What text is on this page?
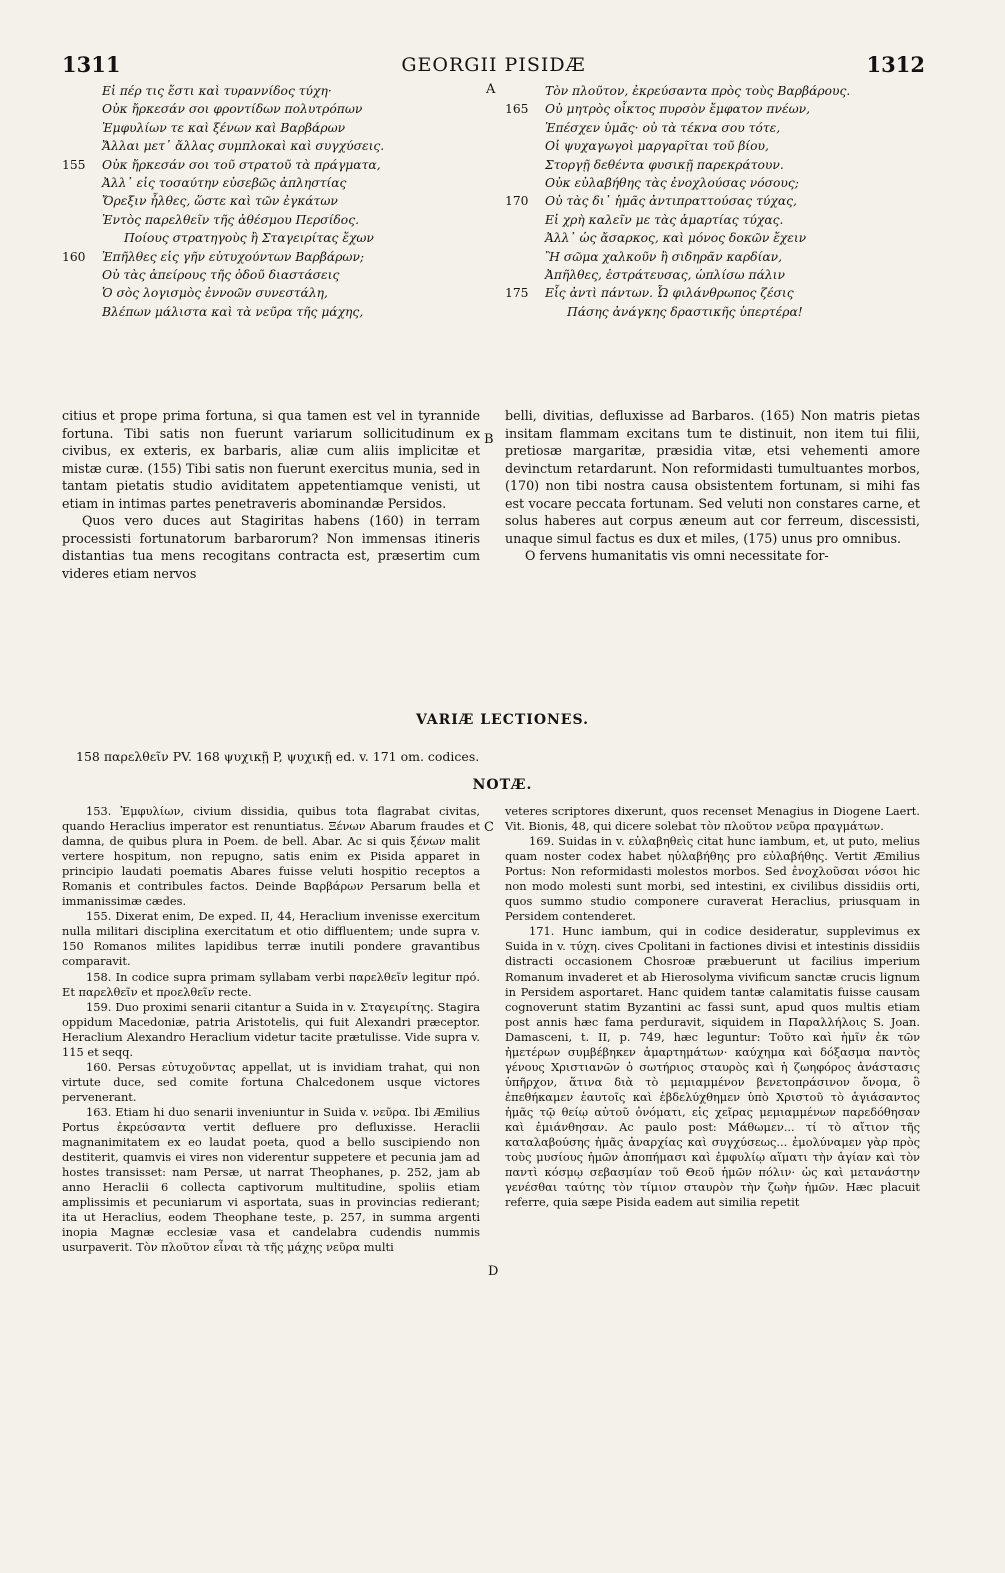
1311	GEORGII PISIDÆ	1312
A
B
C
D
Εἰ πέρ τις ἔστι καὶ τυραννίδος τύχη·
Οὐκ ἤρκεσάν σοι φροντίδων πολυτρόπων
Ἐμφυλίων τε καὶ ξένων καὶ Βαρβάρων
Ἄλλαι μετ᾽ ἄλλας συμπλοκαὶ καὶ συγχύσεις.
155 Οὐκ ἤρκεσάν σοι τοῦ στρατοῦ τὰ πράγματα,
Ἀλλ᾽ εἰς τοσαύτην εὐσεβῶς ἀπληστίας
Ὄρεξιν ἦλθες, ὥστε καὶ τῶν ἐγκάτων
Ἐντὸς παρελθεῖν τῆς ἀθέσμου Περσίδος.
Ποίους στρατηγοὺς ἢ Σταγειρίτας ἔχων
160 Ἐπῆλθες εἰς γῆν εὐτυχούντων Βαρβάρων;
Οὐ τὰς ἀπείρους τῆς ὁδοῦ διαστάσεις
Ὁ σὸς λογισμὸς ἐννοῶν συνεστάλη,
Βλέπων μάλιστα καὶ τὰ νεῦρα τῆς μάχης,
Τὸν πλοῦτον, ἐκρεύσαντα πρὸς τοὺς Βαρβάρους.
165 Οὐ μητρὸς οἶκτος πυρσὸν ἔμφατον πνέων,
Ἐπέσχεν ὑμᾶς· οὐ τὰ τέκνα σου τότε,
Οἱ ψυχαγωγοὶ μαργαρῖται τοῦ βίου,
Στοργῇ δεθέντα φυσικῇ παρεκράτουν.
Οὐκ εὐλαβήθης τὰς ἐνοχλούσας νόσους;
170 Οὐ τὰς δι᾽ ἡμᾶς ἀντιπραττούσας τύχας,
Εἰ χρὴ καλεῖν με τὰς ἁμαρτίας τύχας.
Ἀλλ᾽ ὡς ἄσαρκος, καὶ μόνος δοκῶν ἔχειν
Ἢ σῶμα χαλκοῦν ἢ σιδηρᾶν καρδίαν,
Ἀπῆλθες, ἐστράτευσας, ὡπλίσω πάλιν
175 Εἷς ἀντὶ πάντων. Ὦ φιλάνθρωπος ζέσις
Πάσης ἀνάγκης δραστικῆς ὑπερτέρα!

citius et prope prima fortuna, si qua tamen est vel in tyrannide fortuna. Tibi satis non fuerunt variarum sollicitudinum ex civibus, ex exteris, ex barbaris, aliæ cum aliis implicitæ et mistæ curæ. (155) Tibi satis non fuerunt exercitus munia, sed in tantam pietatis studio aviditatem appetentiamque venisti, ut etiam in intimas partes penetraveris abominandæ Persidos.

Quos vero duces aut Stagiritas habens (160) in terram processisti fortunatorum barbarorum? Non immensas itineris distantias tua mens recogitans contracta est, præsertim cum videres etiam nervos

belli, divitias, defluxisse ad Barbaros. (165) Non matris pietas insitam flammam excitans tum te distinuit, non item tui filii, pretiosæ margaritæ, præsidia vitæ, etsi vehementi amore devinctum retardarunt. Non reformidasti tumultuantes morbos, (170) non tibi nostra causa obsistentem fortunam, si mihi fas est vocare peccata fortunam. Sed veluti non constares carne, et solus haberes aut corpus æneum aut cor ferreum, discessisti, unaque simul factus es dux et miles, (175) unus pro omnibus.

O fervens humanitatis vis omni necessitate for-

VARIÆ LECTIONES.
158 παρελθεῖν PV. 168 ψυχικῇ P, ψυχικῇ ed. v. 171 om. codices.
NOTÆ.

153. Ἐμφυλίων, civium dissidia, quibus tota flagrabat civitas, quando Heraclius imperator est renuntiatus. Ξένων Abarum fraudes et damna, de quibus plura in Poem. de bell. Abar. Ac si quis ξένων malit vertere hospitum, non repugno, satis enim ex Pisida apparet in principio laudati poematis Abares fuisse veluti hospitio receptos a Romanis et contribules factos. Deinde Βαρβάρων Persarum bella et immanissimæ cædes.

155. Dixerat enim, De exped. II, 44, Heraclium invenisse exercitum nulla militari disciplina exercitatum et otio diffluentem; unde supra v. 150 Romanos milites lapidibus terræ inutili pondere gravantibus comparavit.

158. In codice supra primam syllabam verbi παρελθεῖν legitur πρό. Et παρελθεῖν et προελθεῖν recte.

159. Duo proximi senarii citantur a Suida in v. Σταγειρίτης. Stagira oppidum Macedoniæ, patria Aristotelis, qui fuit Alexandri præceptor. Heraclium Alexandro Heraclium videtur tacite prætulisse. Vide supra v. 115 et seqq.

160. Persas εὐτυχοῦντας appellat, ut is invidiam trahat, qui non virtute duce, sed comite fortuna Chalcedonem usque victores pervenerant.

163. Etiam hi duo senarii inveniuntur in Suida v. νεῦρα. Ibi Æmilius Portus ἐκρεύσαντα vertit defluere pro defluxisse. Heraclii magnanimitatem ex eo laudat poeta, quod a bello suscipiendo non destiterit, quamvis ei vires non viderentur suppetere et pecunia jam ad hostes transisset: nam Persæ, ut narrat Theophanes, p. 252, jam ab anno Heraclii 6 collecta captivorum multitudine, spoliis etiam amplissimis et pecuniarum vi asportata, suas in provincias redierant; ita ut Heraclius, eodem Theophane teste, p. 257, in summa argenti inopia Magnæ ecclesiæ vasa et candelabra cudendis nummis usurpaverit. Τὸν πλοῦτον εἶναι τὰ τῆς μάχης νεῦρα multi

veteres scriptores dixerunt, quos recenset Menagius in Diogene Laert. Vit. Bionis, 48, qui dicere solebat τὸν πλοῦτον νεῦρα πραγμάτων.

169. Suidas in v. εὐλαβηθεὶς citat hunc iambum, et, ut puto, melius quam noster codex habet ηὐλαβήθης pro εὐλαβήθης. Vertit Æmilius Portus: Non reformidasti molestos morbos. Sed ἐνοχλοῦσαι νόσοι hic non modo molesti sunt morbi, sed intestini, ex civilibus dissidiis orti, quos summo studio componere curaverat Heraclius, priusquam in Persidem contenderet.

171. Hunc iambum, qui in codice desideratur, supplevimus ex Suida in v. τύχη. cives Cpolitani in factiones divisi et intestinis dissidiis distracti occasionem Chosroæ præbuerunt ut facilius imperium Romanum invaderet et ab Hierosolyma vivificum sanctæ crucis lignum in Persidem asportaret. Hanc quidem tantæ calamitatis fuisse causam cognoverunt statim Byzantini ac fassi sunt, apud quos multis etiam post annis hæc fama perduravit, siquidem in Παραλλήλοις S. Joan. Damasceni, t. II, p. 749, hæc leguntur: Τοῦτο καὶ ἡμῖν ἐκ τῶν ἡμετέρων συμβέβηκεν ἁμαρτημάτων· καύχημα καὶ δόξασμα παντὸς γένους Χριστιανῶν ὁ σωτήριος σταυρὸς καὶ ἡ ζωηφόρος ἀνάστασις ὑπῆρχον, ἅτινα διὰ τὸ μεμιαμμένον βενετοπράσινον ὄνομα, ὃ ἐπεθήκαμεν ἑαυτοῖς καὶ ἐβδελύχθημεν ὑπὸ Χριστοῦ τὸ ἁγιάσαντος ἡμᾶς τῷ θείῳ αὐτοῦ ὀνόματι, εἰς χεῖρας μεμιαμμένων παρεδόθησαν καὶ ἐμιάνθησαν. Ac paulo post: Μάθωμεν... τί τὸ αἴτιον τῆς καταλαβούσης ἡμᾶς ἀναρχίας καὶ συγχύσεως... ἐμολύναμεν γὰρ πρὸς τοὺς μυσίους ἡμῶν ἀποπήμασι καὶ ἐμφυλίῳ αἵματι τὴν ἁγίαν καὶ τὸν παντὶ κόσμῳ σεβασμίαν τοῦ Θεοῦ ἡμῶν πόλιν· ὡς καὶ μετανάστην γενέσθαι ταύτης τὸν τίμιον σταυρὸν τὴν ζωὴν ἡμῶν. Hæc placuit referre, quia sæpe Pisida eadem aut similia repetit
